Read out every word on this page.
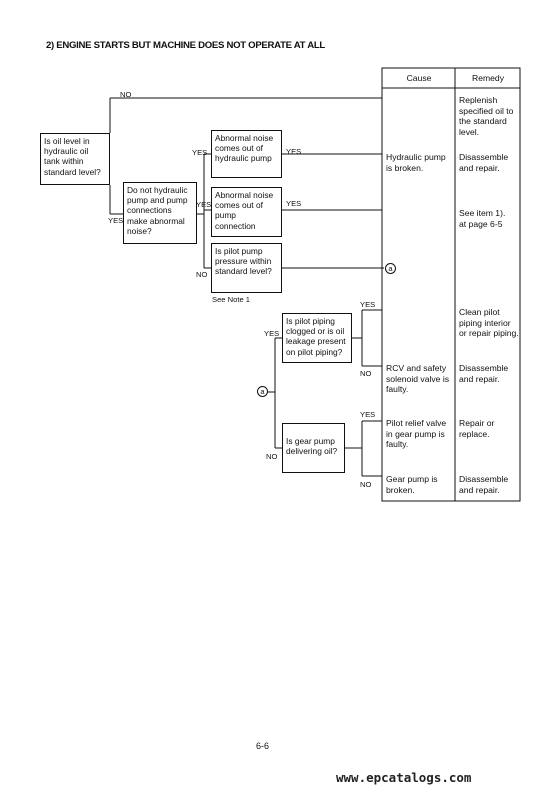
2) ENGINE STARTS BUT MACHINE DOES NOT OPERATE AT ALL
Cause	Remedy
Hydraulic pump
is broken.
RCV and safety
solenoid valve is
faulty.
Pilot relief valve
in gear pump is
faulty.
Gear pump is
broken.
Replenish
specified oil to
the standard
level.
Disassemble
and repair.
See item 1).
at page 6-5
Clean pilot
piping interior
or repair piping.
Disassemble
and repair.
Repair or
replace.
Disassemble
and repair.
Is oil level in
hydraulic oil
tank within
standard level?
Do not hydraulic
pump and pump
connections
make abnormal
noise?
Abnormal noise
comes out of
hydraulic pump
Abnormal noise
comes out of
pump
connection
Is pilot pump
pressure within
standard level?
Is pilot piping
clogged or is oil
leakage present
on pilot piping?
Is gear pump
delivering oil?
NO
YES
YES
YES
NO
YES
YES
See Note 1
YES
NO
YES
NO
YES
NO
a
a
6-6
www.epcatalogs.com
